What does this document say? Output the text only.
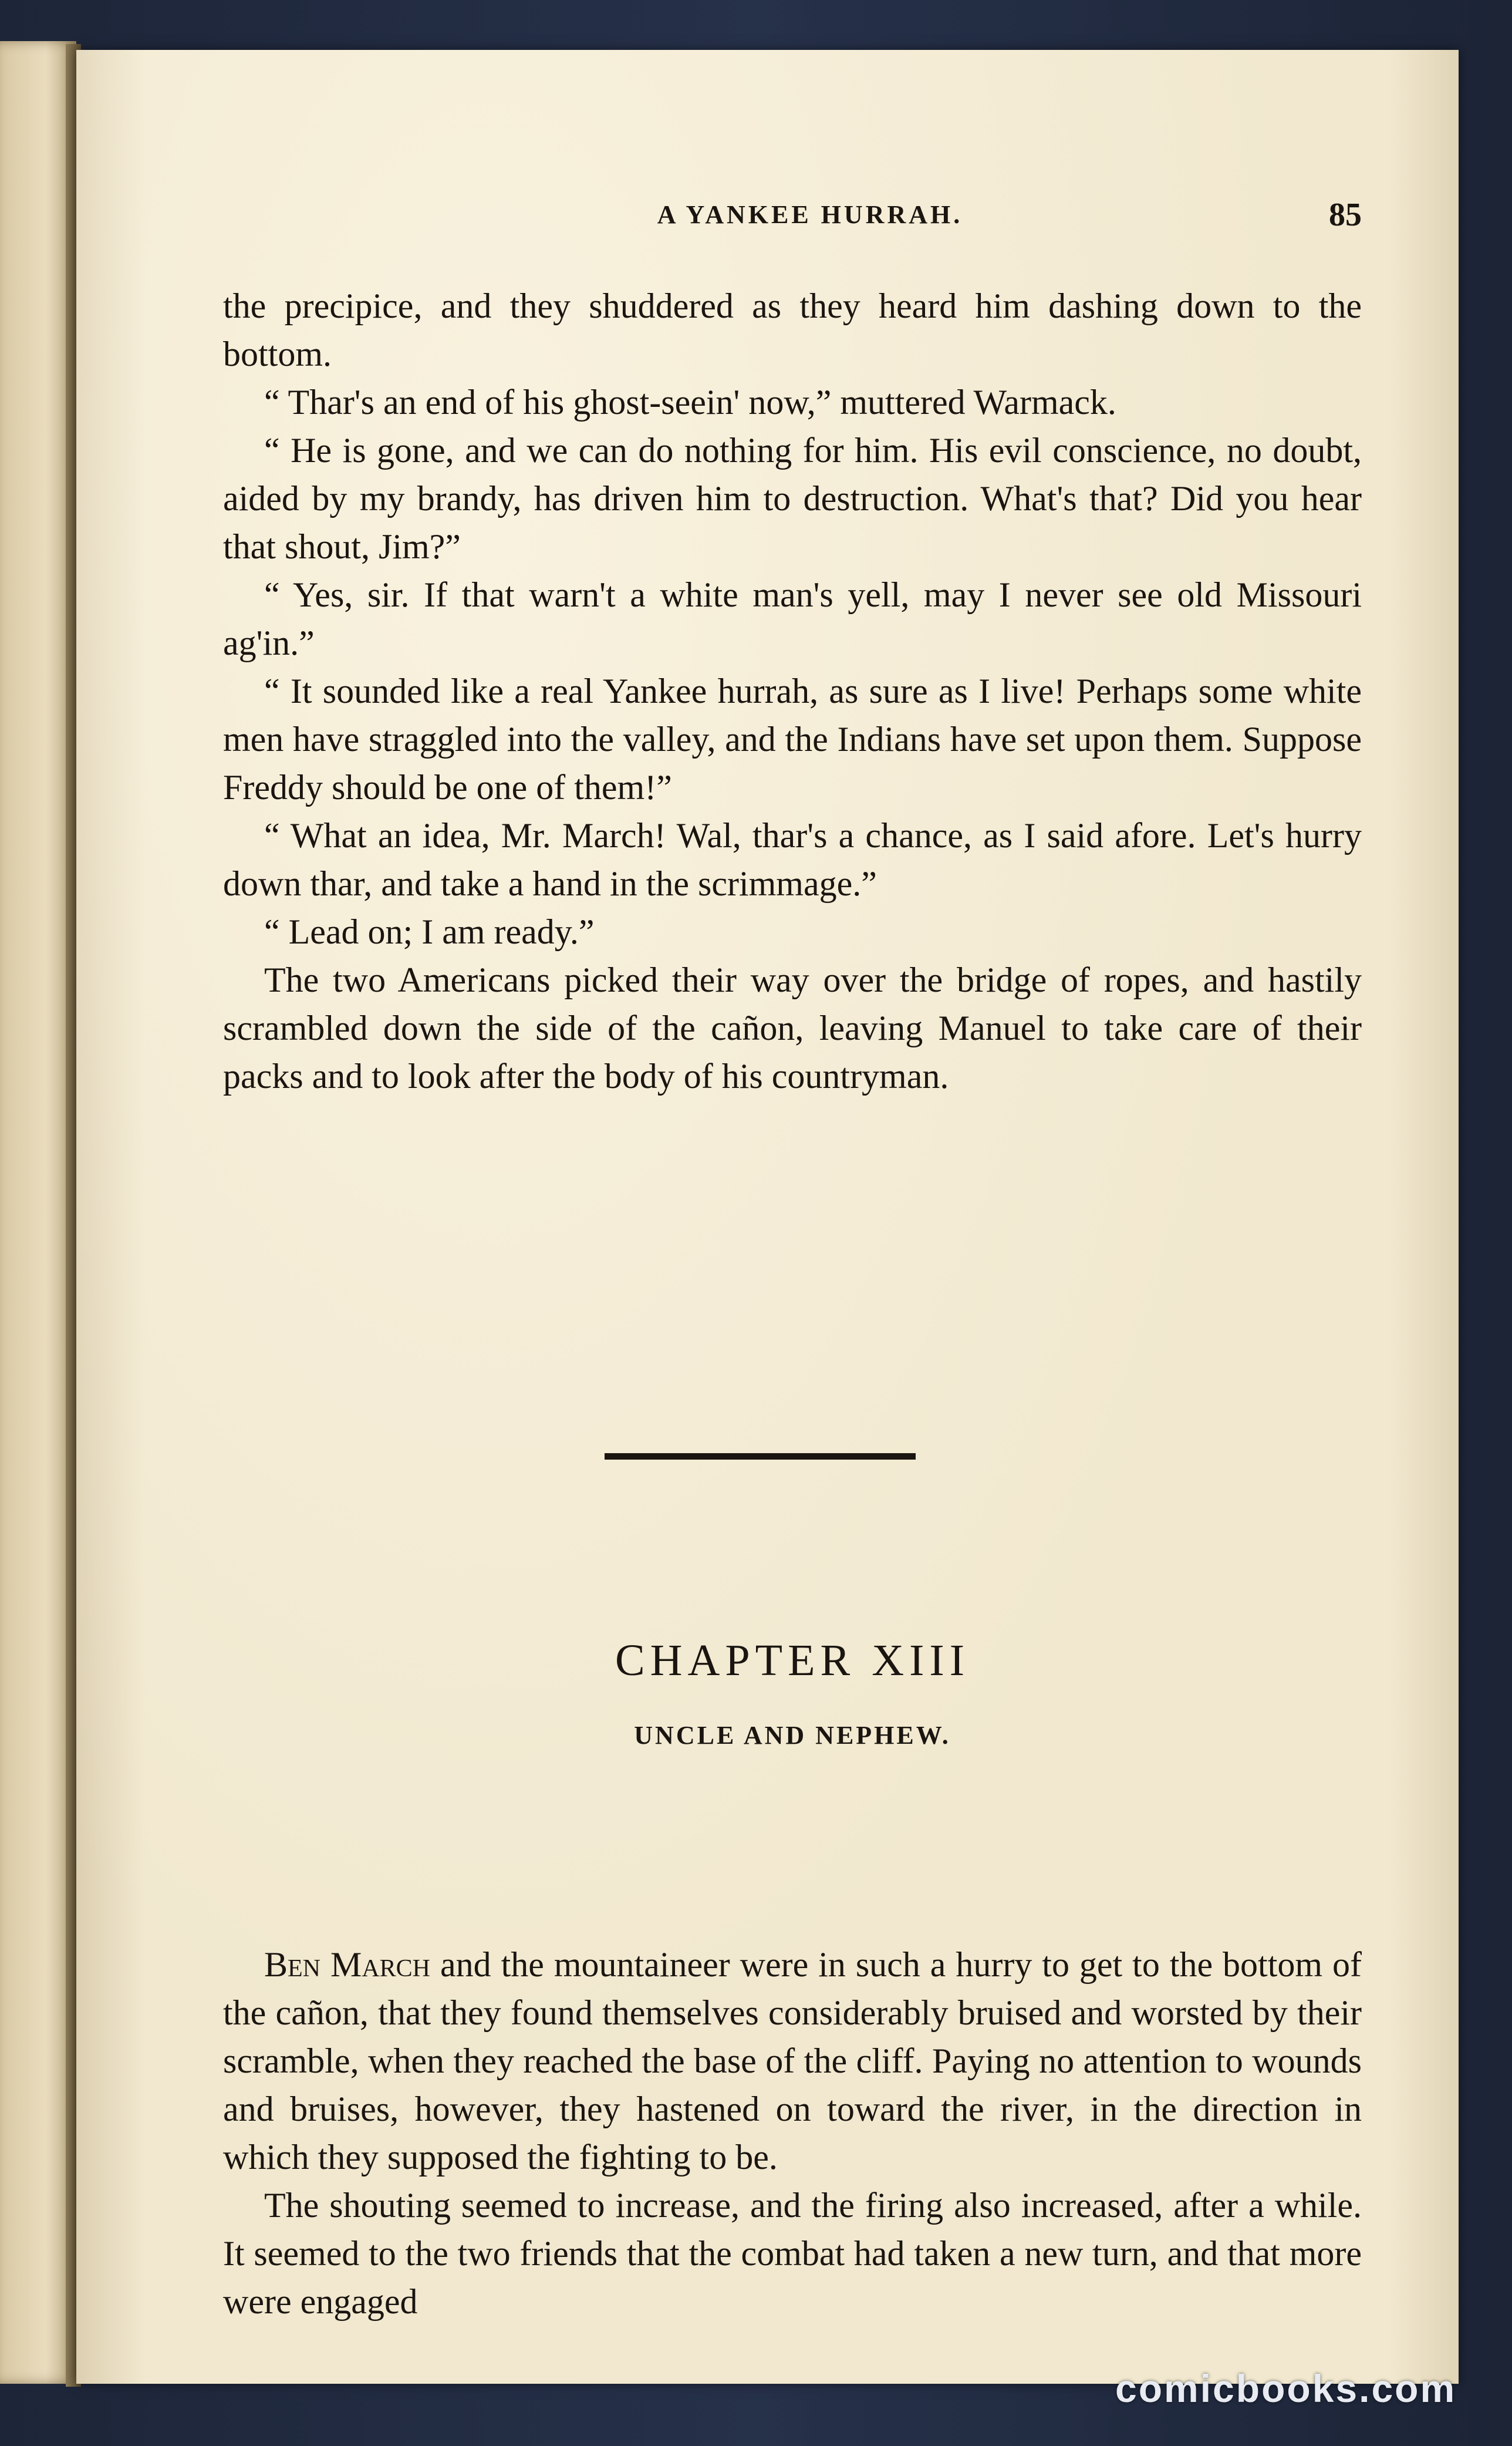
A YANKEE HURRAH.	85

the precipice, and they shuddered as they heard him dashing down to the bottom.

“ Thar's an end of his ghost-seein' now,” muttered Warmack.

“ He is gone, and we can do nothing for him. His evil conscience, no doubt, aided by my brandy, has driven him to destruction. What's that? Did you hear that shout, Jim?”

“ Yes, sir. If that warn't a white man's yell, may I never see old Missouri ag'in.”

“ It sounded like a real Yankee hurrah, as sure as I live! Perhaps some white men have straggled into the valley, and the Indians have set upon them. Suppose Freddy should be one of them!”

“ What an idea, Mr. March! Wal, thar's a chance, as I said afore. Let's hurry down thar, and take a hand in the scrimmage.”

“ Lead on; I am ready.”

The two Americans picked their way over the bridge of ropes, and hastily scrambled down the side of the cañon, leaving Manuel to take care of their packs and to look after the body of his countryman.

CHAPTER XIII
UNCLE AND NEPHEW.

Ben March and the mountaineer were in such a hurry to get to the bottom of the cañon, that they found themselves considerably bruised and worsted by their scramble, when they reached the base of the cliff. Paying no attention to wounds and bruises, however, they hastened on toward the river, in the direction in which they supposed the fighting to be.

The shouting seemed to increase, and the firing also increased, after a while. It seemed to the two friends that the combat had taken a new turn, and that more were engaged

comicbooks.com
